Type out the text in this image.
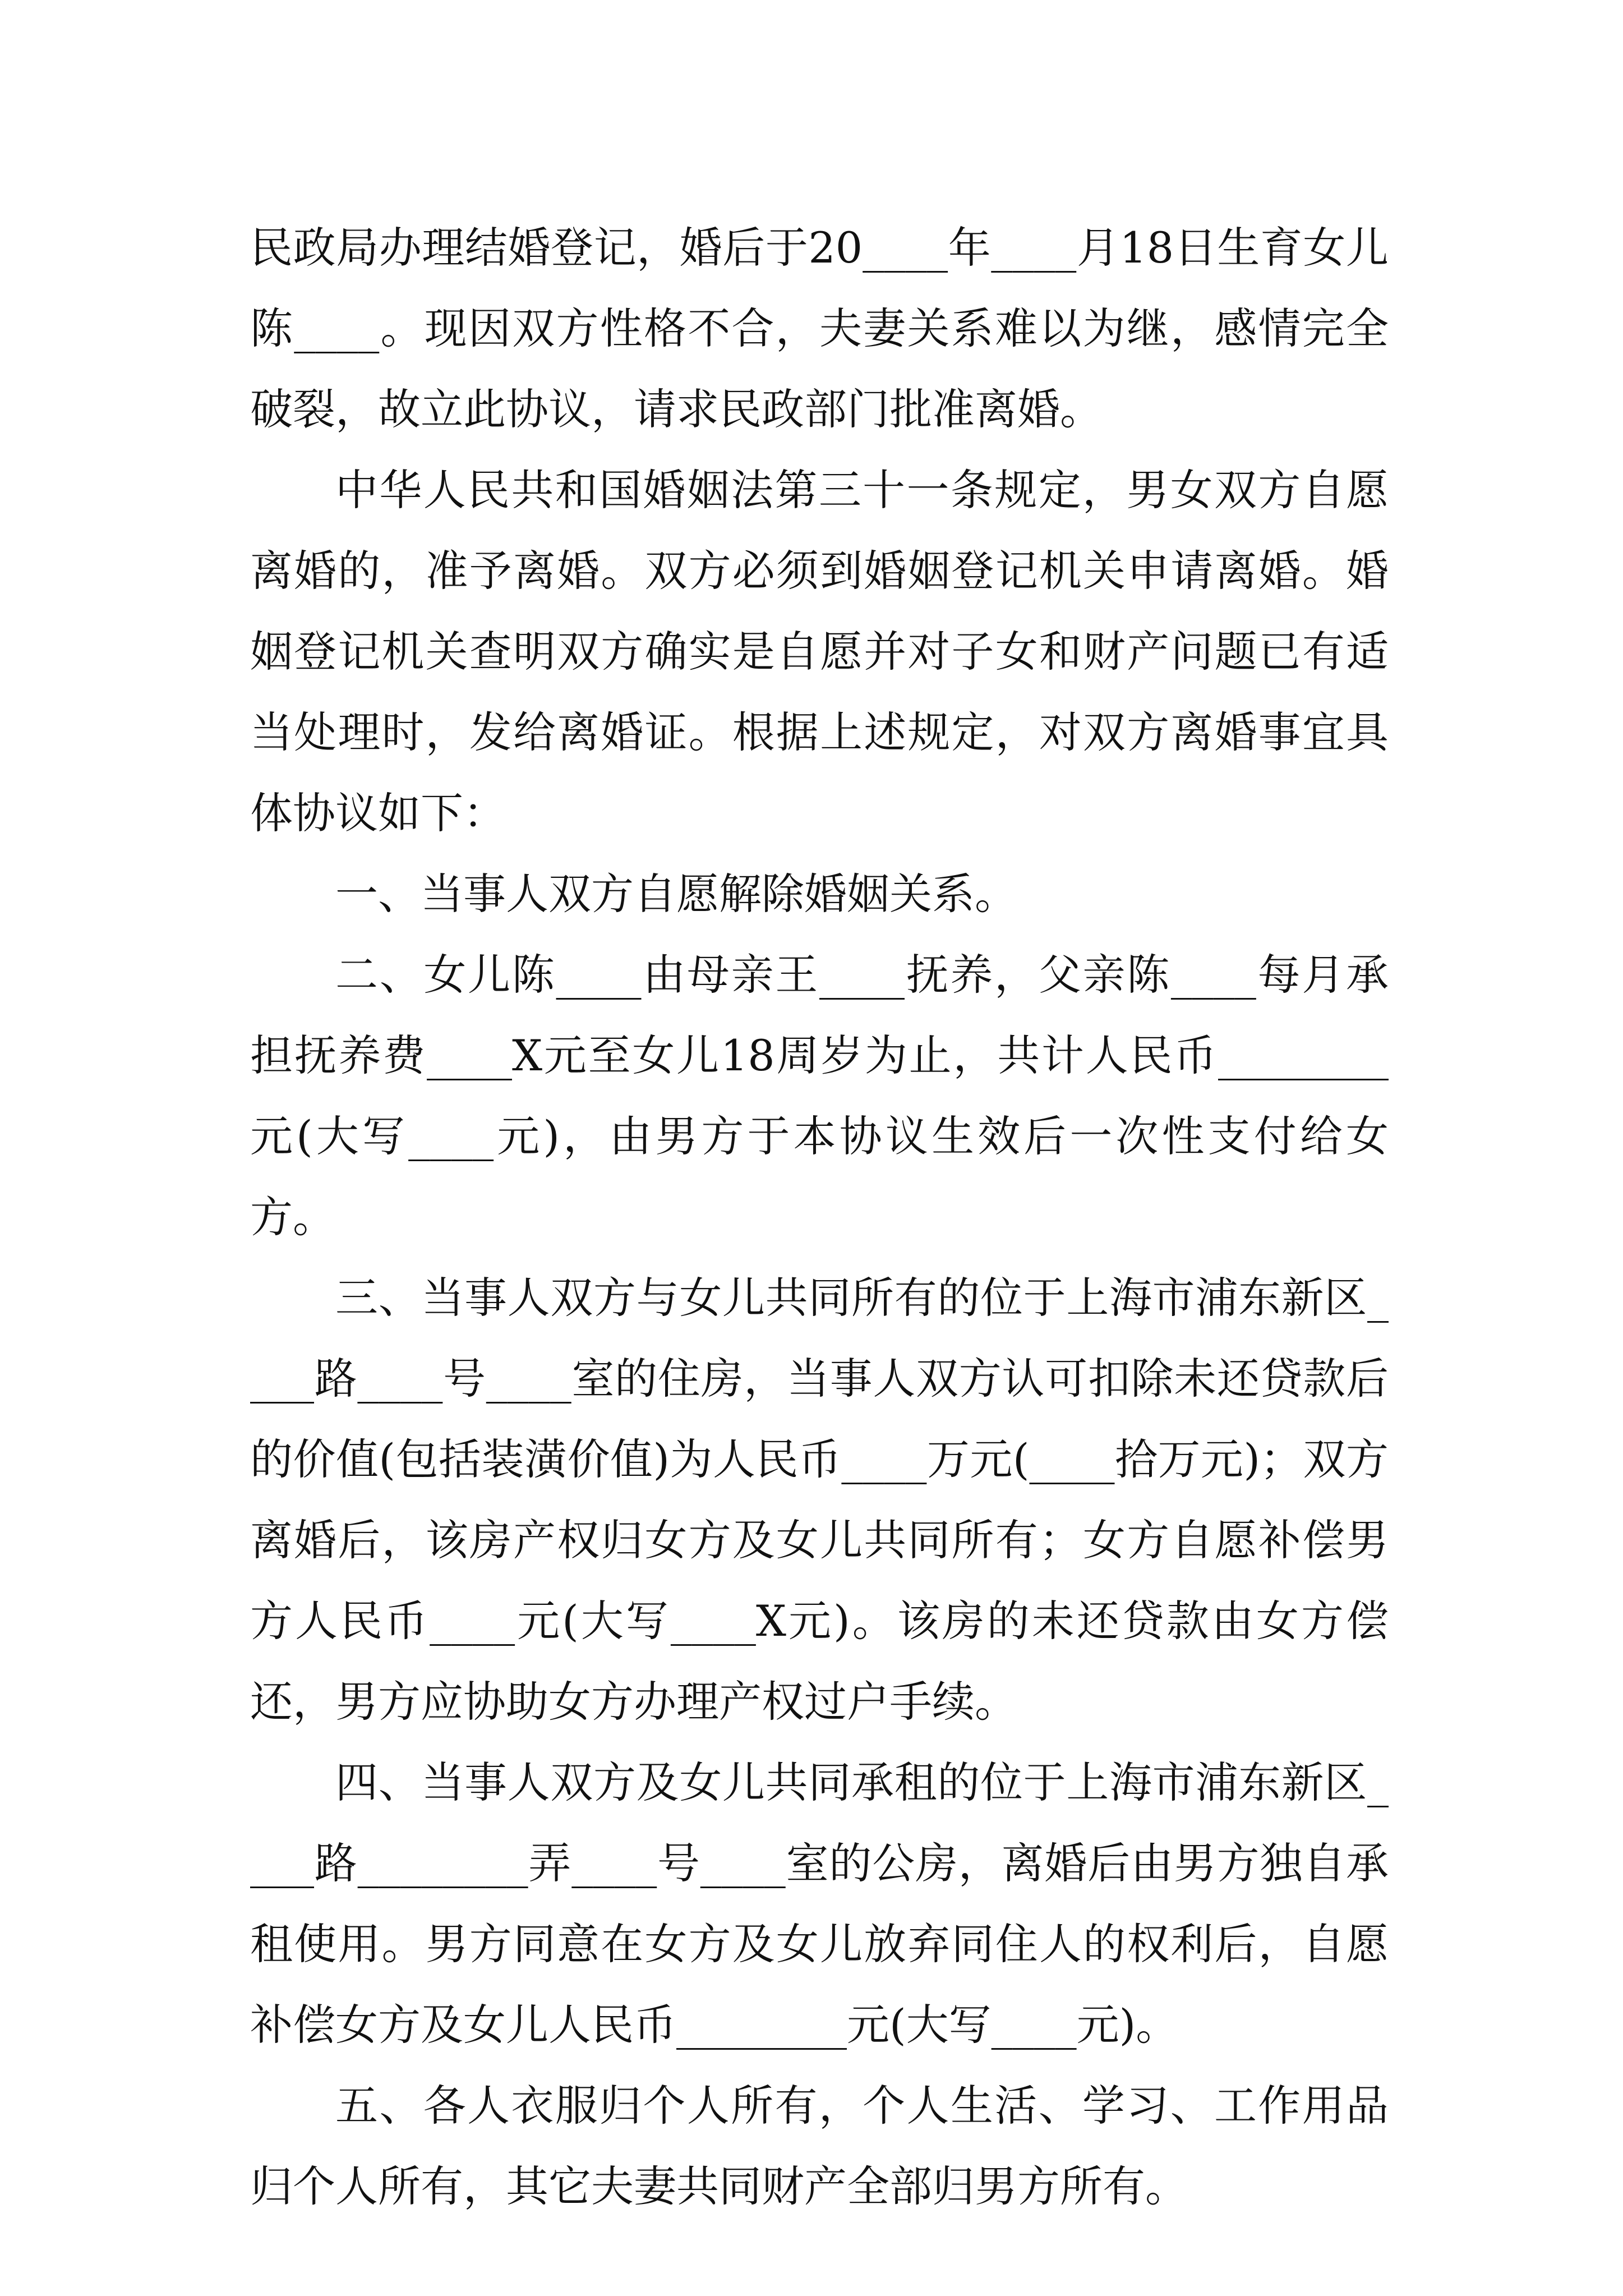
民政局办理结婚登记，婚后于20____年____月18日生育女儿陈____。现因双方性格不合，夫妻关系难以为继，感情完全破裂，故立此协议，请求民政部门批准离婚。

中华人民共和国婚姻法第三十一条规定，男女双方自愿离婚的，准予离婚。双方必须到婚姻登记机关申请离婚。婚姻登记机关查明双方确实是自愿并对子女和财产问题已有适当处理时，发给离婚证。根据上述规定，对双方离婚事宜具体协议如下：

一、当事人双方自愿解除婚姻关系。

二、女儿陈____由母亲王____抚养，父亲陈____每月承担抚养费____X元至女儿18周岁为止，共计人民币________元(大写____元)，由男方于本协议生效后一次性支付给女方。

三、当事人双方与女儿共同所有的位于上海市浦东新区____路____号____室的住房，当事人双方认可扣除未还贷款后的价值(包括装潢价值)为人民币____万元(____拾万元)；双方离婚后，该房产权归女方及女儿共同所有；女方自愿补偿男方人民币____元(大写____X元)。该房的未还贷款由女方偿还，男方应协助女方办理产权过户手续。

四、当事人双方及女儿共同承租的位于上海市浦东新区____路________弄____号____室的公房，离婚后由男方独自承租使用。男方同意在女方及女儿放弃同住人的权利后，自愿补偿女方及女儿人民币________元(大写____元)。

五、各人衣服归个人所有，个人生活、学习、工作用品归个人所有，其它夫妻共同财产全部归男方所有。
